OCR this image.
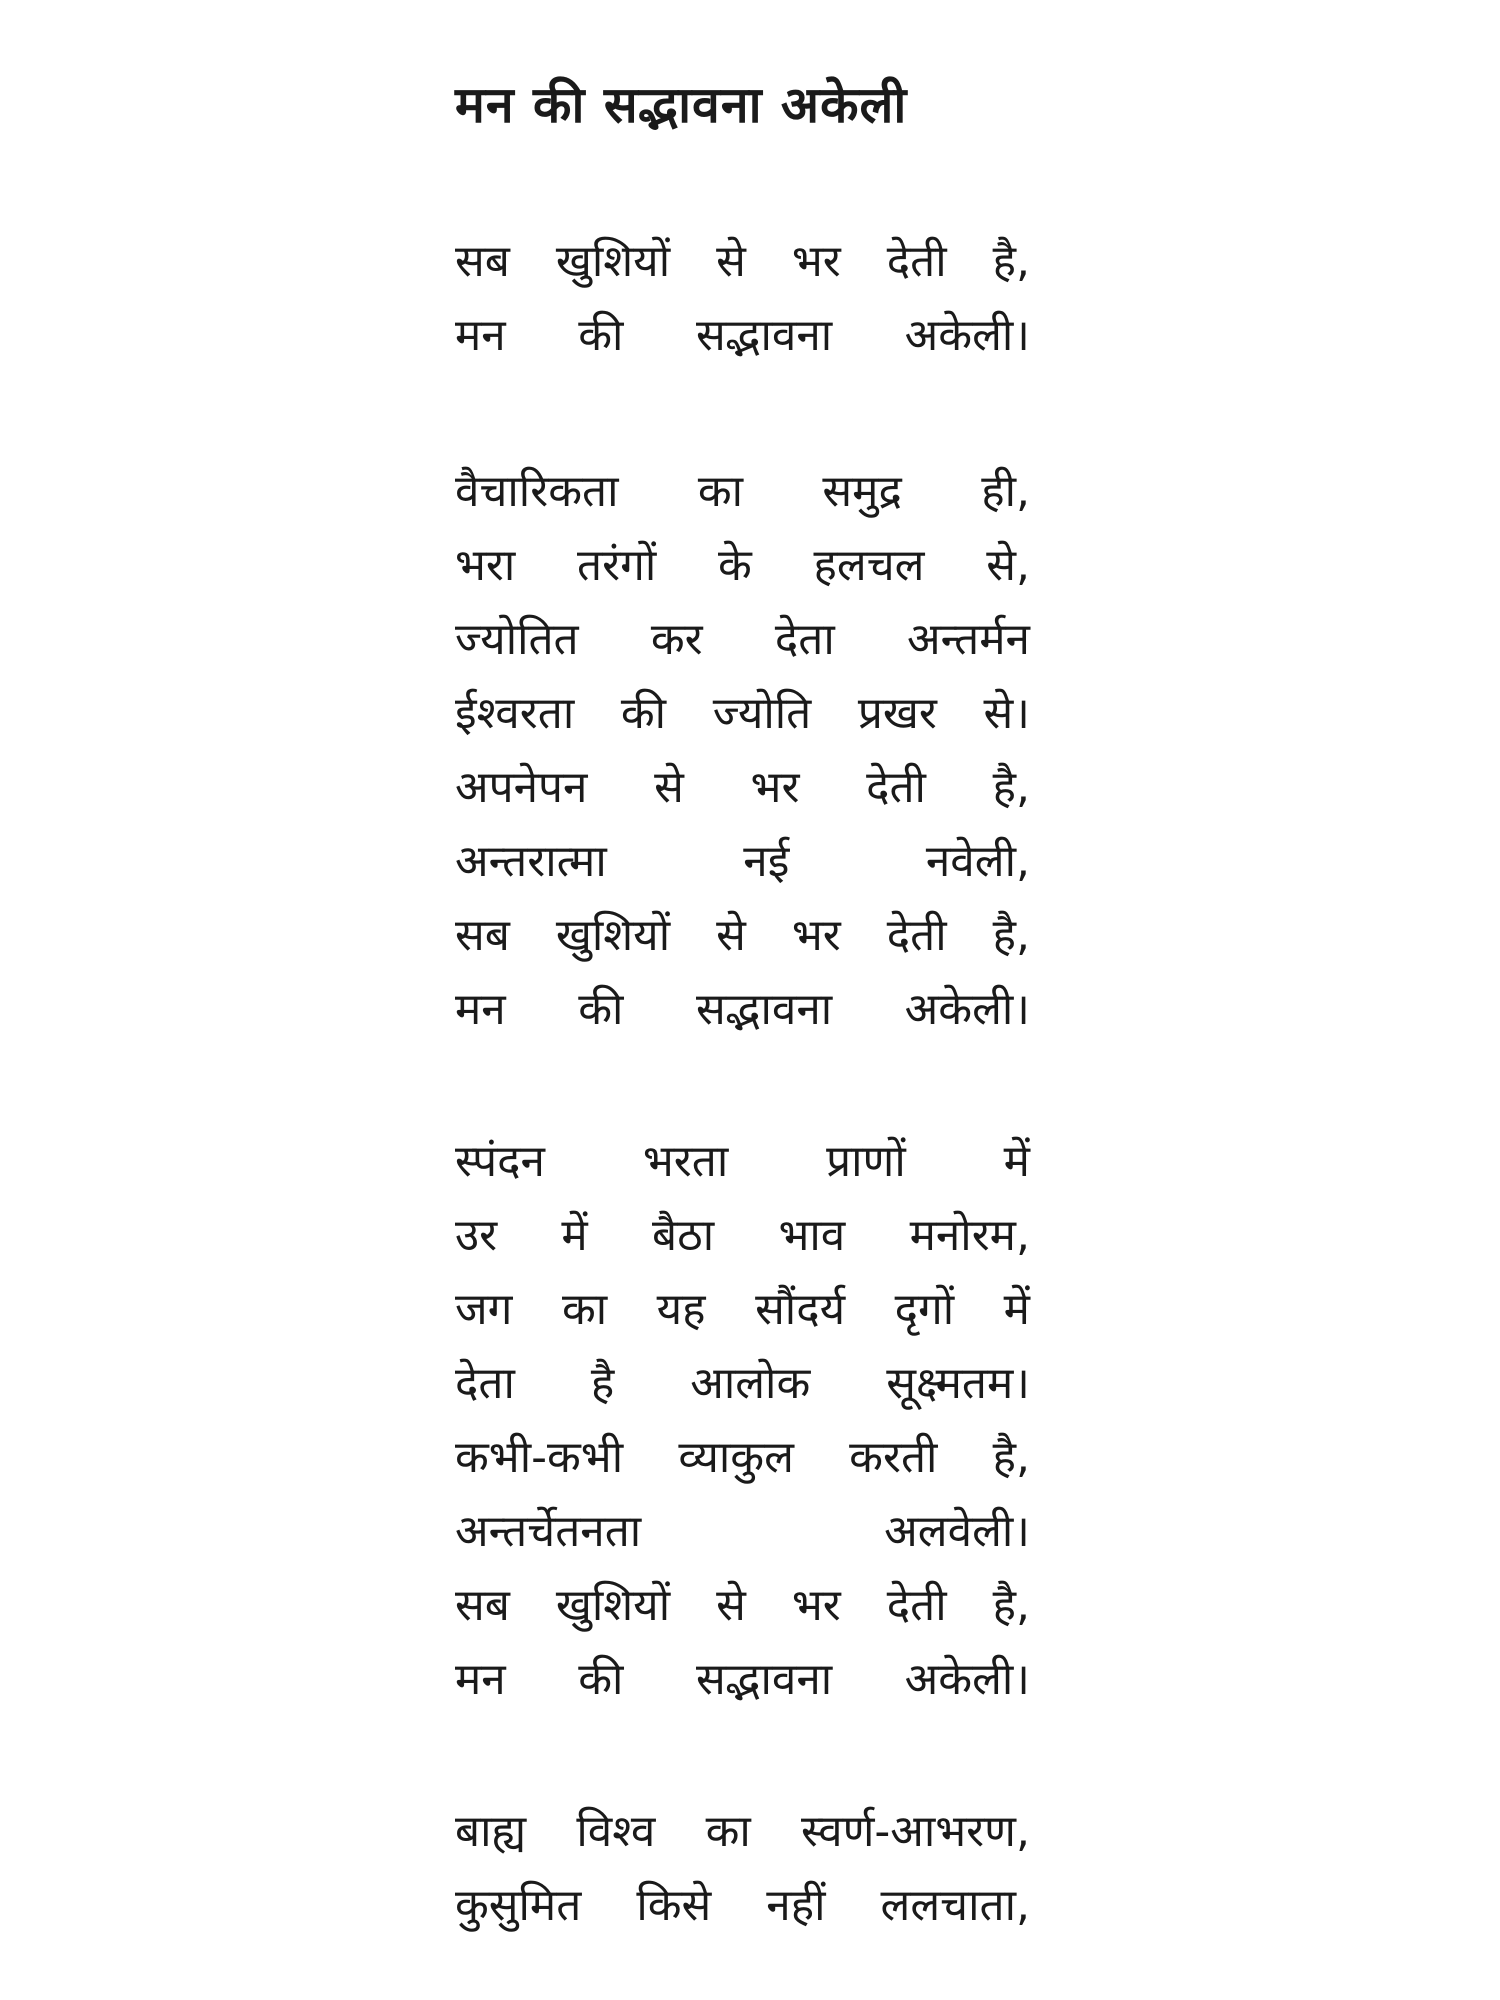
मन की सद्भावना अकेली
सब खुशियों से भर देती है,
मन की सद्भावना अकेली।
वैचारिकता का समुद्र ही,
भरा तरंगों के हलचल से,
ज्योतित कर देता अन्तर्मन
ईश्वरता की ज्योति प्रखर से।
अपनेपन से भर देती है,
अन्तरात्मा	नई	नवेली,
सब खुशियों से भर देती है,
मन की सद्भावना अकेली।
स्पंदन भरता प्राणों में
उर में बैठा भाव मनोरम,
जग का यह सौंदर्य दृगों में
देता है आलोक सूक्ष्मतम।
कभी-कभी व्याकुल करती है,
अन्तर्चेतनता	अलवेली।
सब खुशियों से भर देती है,
मन की सद्भावना अकेली।
बाह्य विश्व का स्वर्ण-आभरण,
कुसुमित किसे नहीं ललचाता,
